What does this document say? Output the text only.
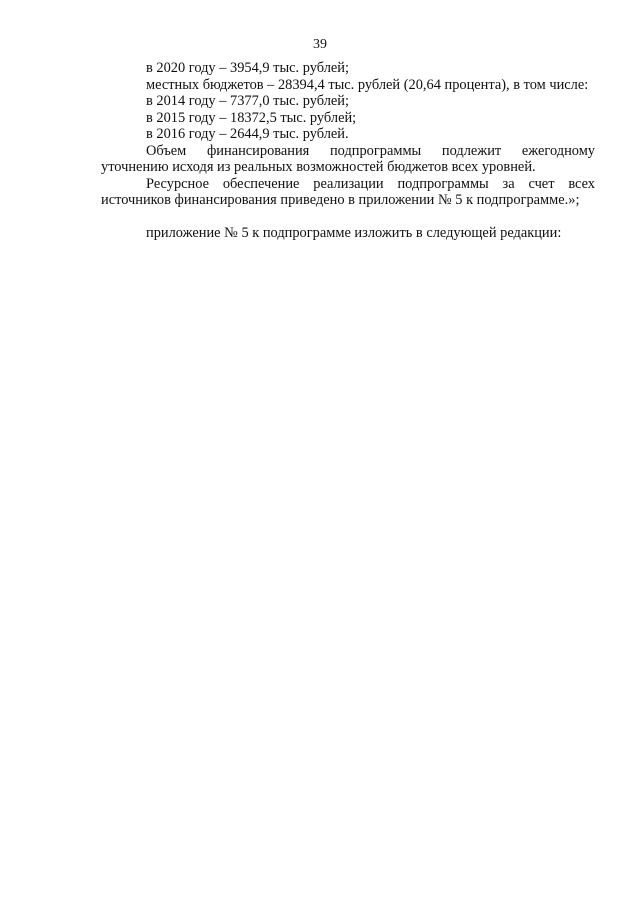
39

в 2020 году – 3954,9 тыс. рублей;

местных бюджетов – 28394,4 тыс. рублей (20,64 процента), в том числе:

в 2014 году – 7377,0 тыс. рублей;

в 2015 году – 18372,5 тыс. рублей;

в 2016 году – 2644,9 тыс. рублей.

Объем финансирования подпрограммы подлежит ежегодному уточнению исходя из реальных возможностей бюджетов всех уровней.

Ресурсное обеспечение реализации подпрограммы за счет всех источников финансирования приведено в приложении № 5 к подпрограмме.»;

приложение № 5 к подпрограмме изложить в следующей редакции:
